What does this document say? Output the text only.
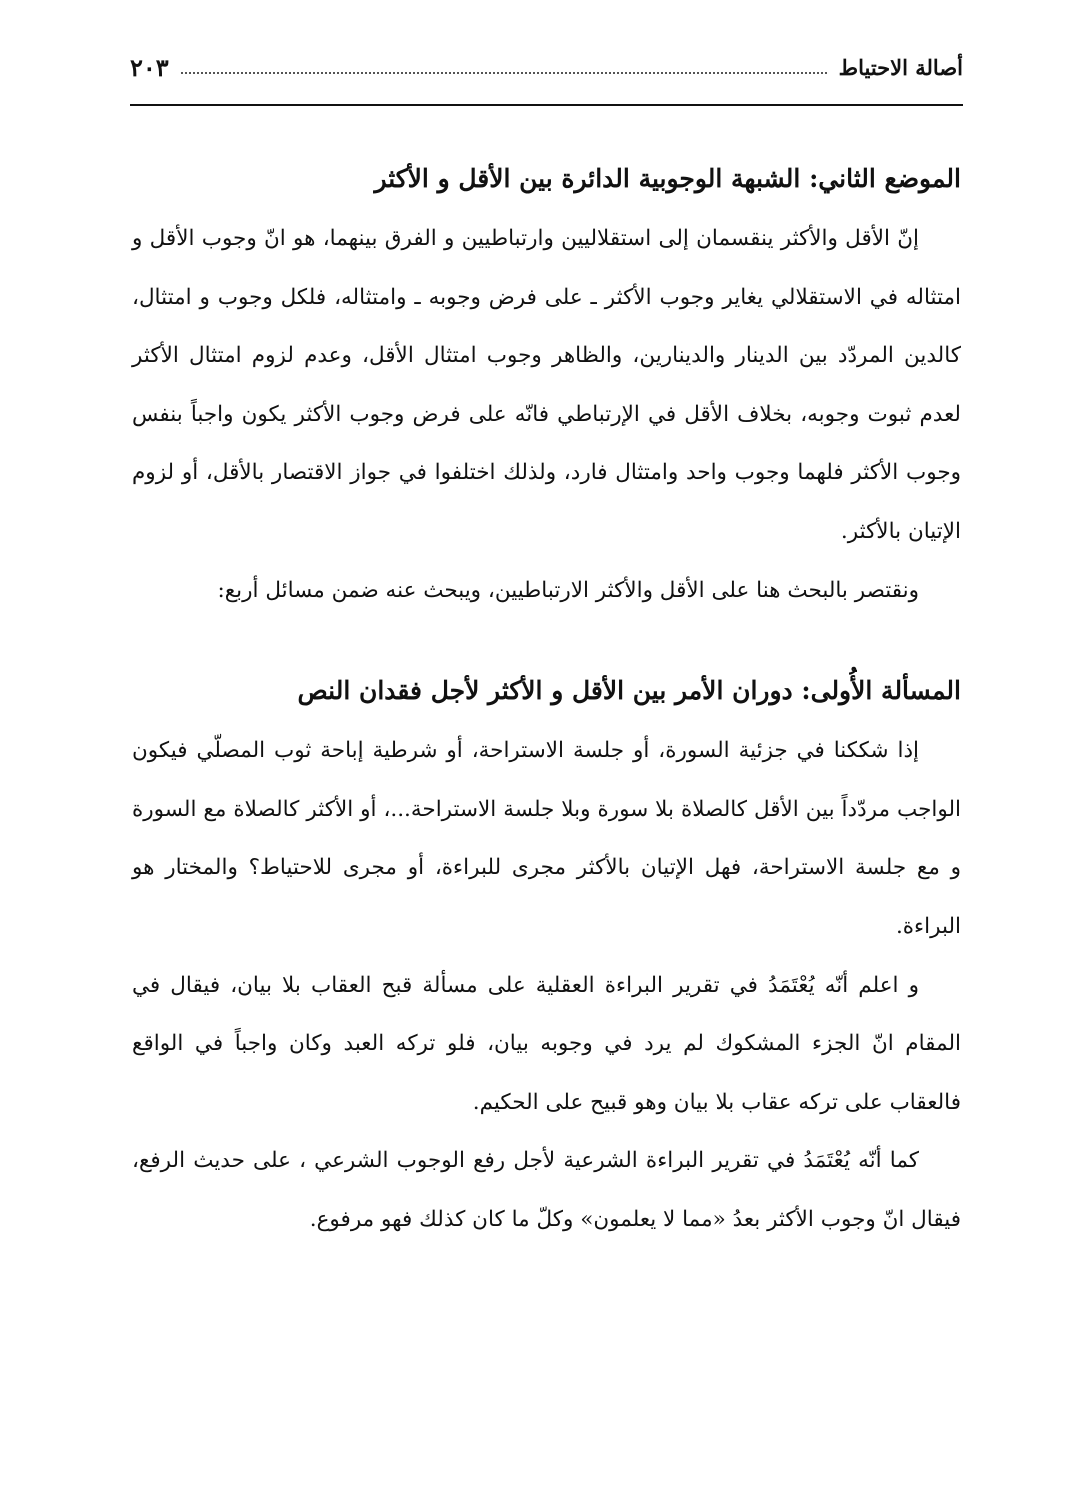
أصالة الاحتياط
٢٠٣
الموضع الثاني: الشبهة الوجوبية الدائرة بين الأقل و الأكثر

إنّ الأقل والأكثر ينقسمان إلى استقلاليين وارتباطيين و الفرق بينهما، هو انّ وجوب الأقل و امتثاله في الاستقلالي يغاير وجوب الأكثر ـ على فرض وجوبه ـ وامتثاله، فلكل وجوب و امتثال، كالدين المردّد بين الدينار والدينارين، والظاهر وجوب امتثال الأقل، وعدم لزوم امتثال الأكثر لعدم ثبوت وجوبه، بخلاف الأقل في الإرتباطي فانّه على فرض وجوب الأكثر يكون واجباً بنفس وجوب الأكثر فلهما وجوب واحد وامتثال فارد، ولذلك اختلفوا في جواز الاقتصار بالأقل، أو لزوم الإتيان بالأكثر.

ونقتصر بالبحث هنا على الأقل والأكثر الارتباطيين، ويبحث عنه ضمن مسائل أربع:

المسألة الأُولى: دوران الأمر بين الأقل و الأكثر لأجل فقدان النص

إذا شككنا في جزئية السورة، أو جلسة الاستراحة، أو شرطية إباحة ثوب المصلّي فيكون الواجب مردّداً بين الأقل كالصلاة بلا سورة وبلا جلسة الاستراحة...، أو الأكثر كالصلاة مع السورة و مع جلسة الاستراحة، فهل الإتيان بالأكثر مجرى للبراءة، أو مجرى للاحتياط؟ والمختار هو البراءة.

و اعلم أنّه يُعْتَمَدُ في تقرير البراءة العقلية على مسألة قبح العقاب بلا بيان، فيقال في المقام انّ الجزء المشكوك لم يرد في وجوبه بيان، فلو تركه العبد وكان واجباً في الواقع فالعقاب على تركه عقاب بلا بيان وهو قبيح على الحكيم.

كما أنّه يُعْتَمَدُ في تقرير البراءة الشرعية لأجل رفع الوجوب الشرعي ، على حديث الرفع، فيقال انّ وجوب الأكثر بعدُ «مما لا يعلمون» وكلّ ما كان كذلك فهو مرفوع.
